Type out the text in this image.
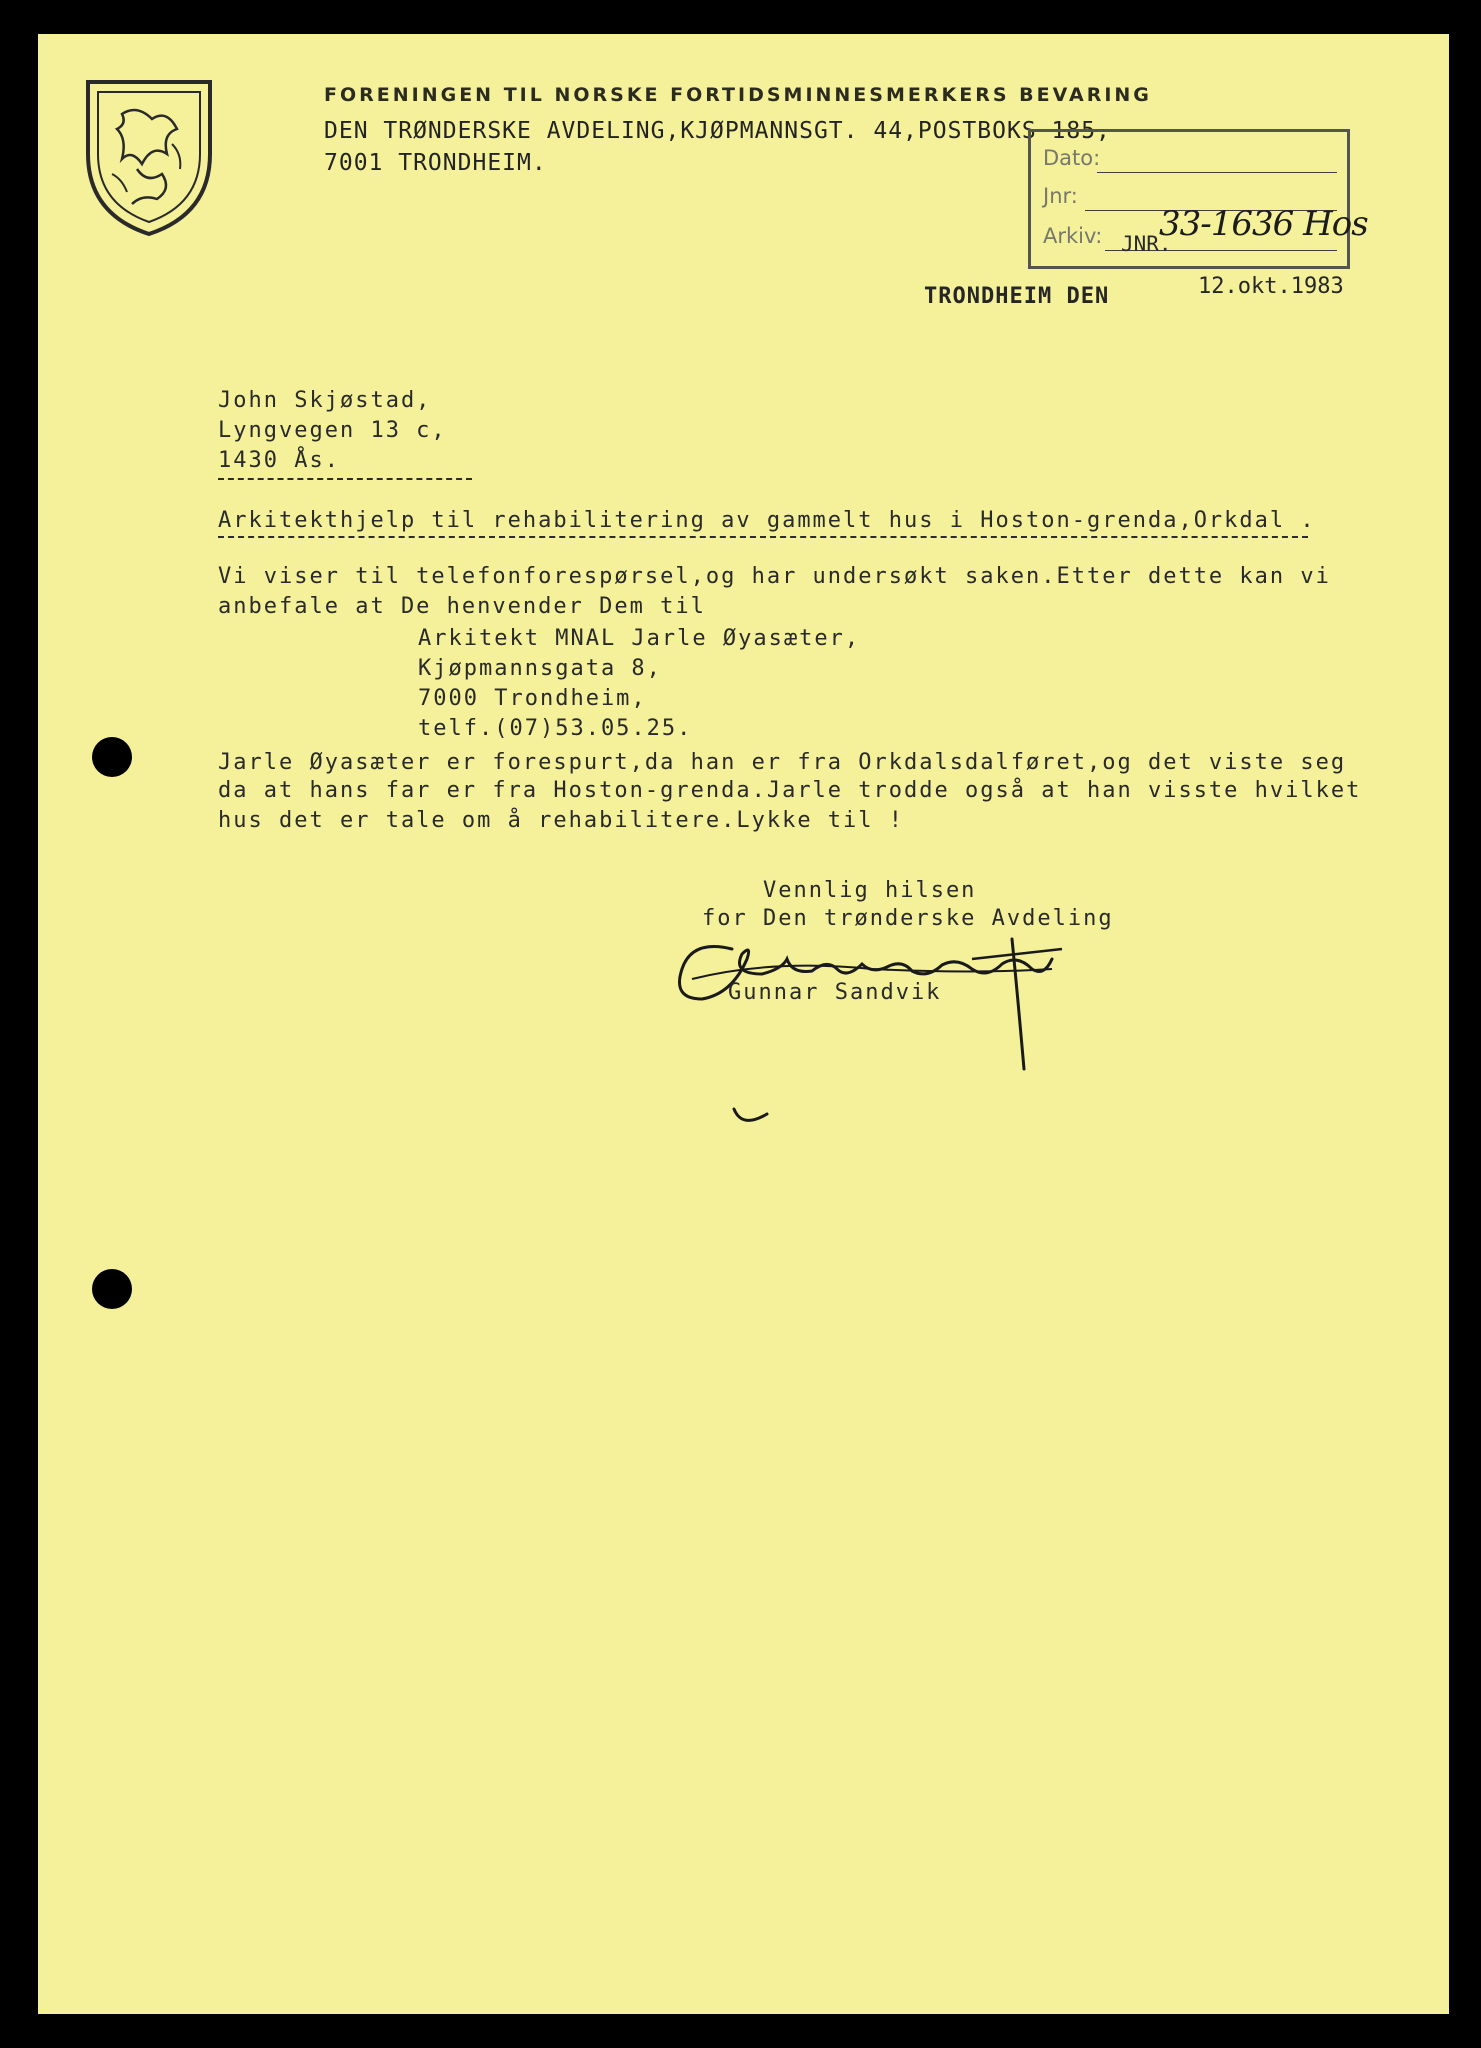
FORENINGEN TIL NORSKE FORTIDSMINNESMERKERS BEVARING
DEN TRØNDERSKE AVDELING,KJØPMANNSGT. 44,POSTBOKS 185,
7001 TRONDHEIM.	Dato:
Jnr:
Arkiv: JNR.
33-1636 Hos
TRONDHEIM DEN	12.okt.1983
John Skjøstad,
Lyngvegen 13 c,
1430 Ås.
Arkitekthjelp til rehabilitering av gammelt hus i Hoston-grenda,Orkdal .
Vi viser til telefonforespørsel,og har undersøkt saken.Etter dette kan vi
anbefale at De henvender Dem til
Arkitekt MNAL Jarle Øyasæter,
Kjøpmannsgata 8,
7000 Trondheim,
telf.(07)53.05.25.
Jarle Øyasæter er forespurt,da han er fra Orkdalsdalføret,og det viste seg
da at hans far er fra Hoston-grenda.Jarle trodde også at han visste hvilket
hus det er tale om å rehabilitere.Lykke til !
Vennlig hilsen
for Den trønderske Avdeling
Gunnar Sandvik
